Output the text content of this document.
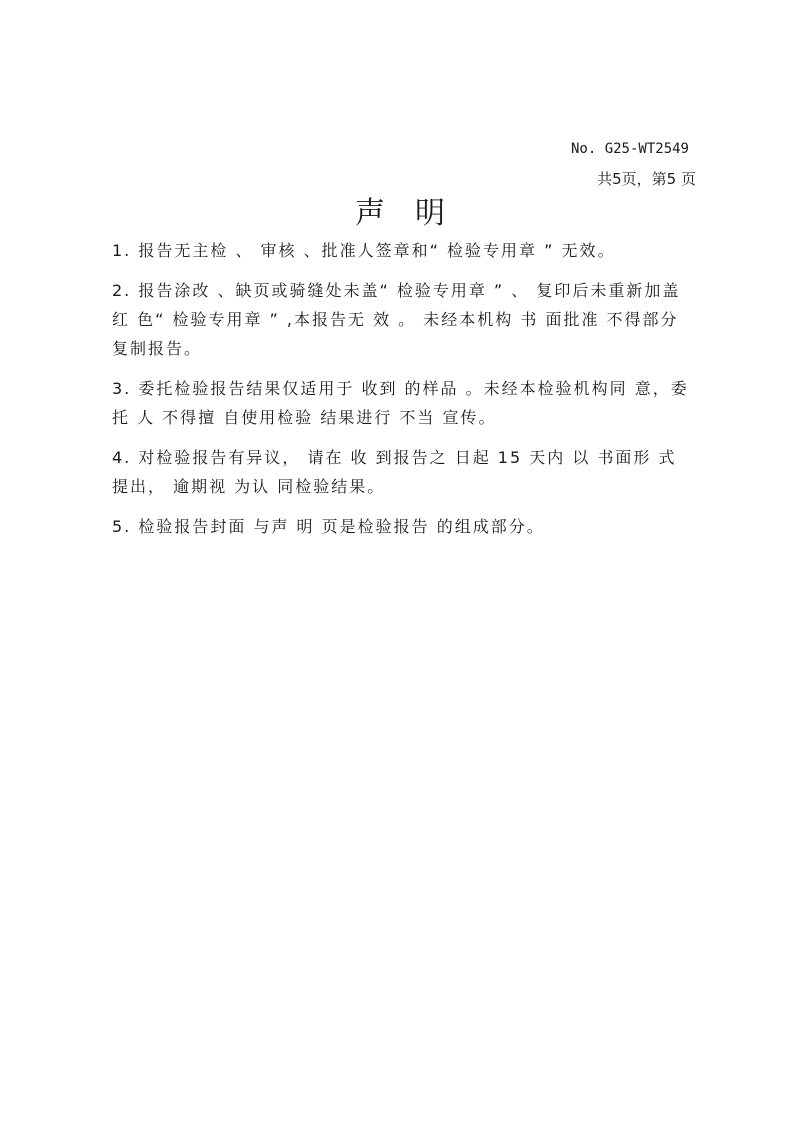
No. G25-WT2549
共5页，第5 页
声明

1. 报告无主检 、 审核 、批准人签章和“ 检验专用章 ” 无效。

2. 报告涂改 、缺页或骑缝处未盖“ 检验专用章 ” 、 复印后未重新加盖红 色“ 检验专用章 ” ,本报告无 效 。 未经本机构 书 面批准 不得部分复制报告。

3. 委托检验报告结果仅适用于 收到 的样品 。未经本检验机构同 意，委托 人 不得擅 自使用检验 结果进行 不当 宣传。

4. 对检验报告有异议， 请在 收 到报告之 日起 15 天内 以 书面形 式 提出， 逾期视 为认 同检验结果。

5. 检验报告封面 与声 明 页是检验报告 的组成部分。
